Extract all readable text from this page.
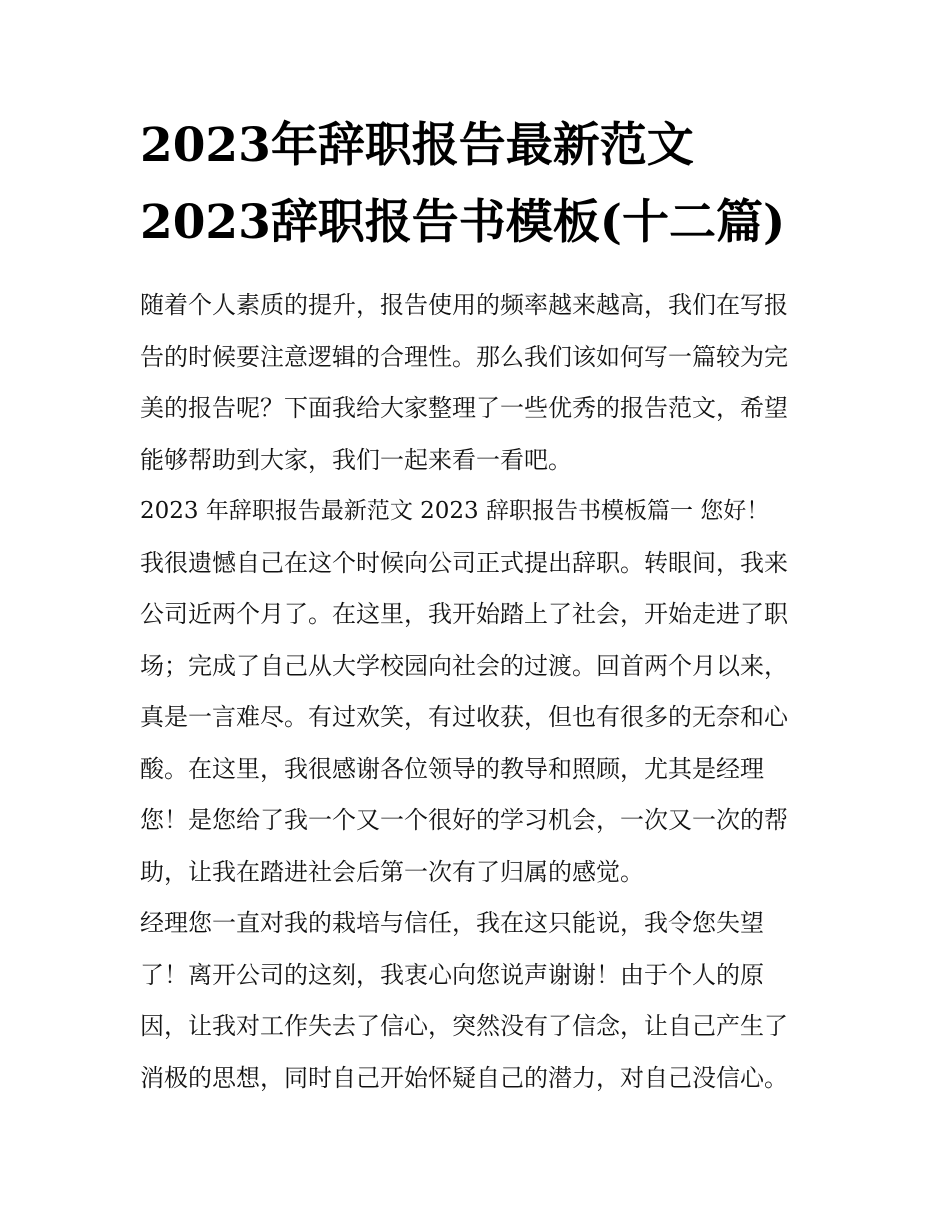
2023年辞职报告最新范文
2023辞职报告书模板(十二篇)
随着个人素质的提升，报告使用的频率越来越高，我们在写报
告的时候要注意逻辑的合理性。那么我们该如何写一篇较为完
美的报告呢？下面我给大家整理了一些优秀的报告范文，希望
能够帮助到大家，我们一起来看一看吧。
2023 年辞职报告最新范文 2023 辞职报告书模板篇一 您好！
我很遗憾自己在这个时候向公司正式提出辞职。转眼间，我来
公司近两个月了。在这里，我开始踏上了社会，开始走进了职
场；完成了自己从大学校园向社会的过渡。回首两个月以来，
真是一言难尽。有过欢笑，有过收获，但也有很多的无奈和心
酸。在这里，我很感谢各位领导的教导和照顾，尤其是经理
您！是您给了我一个又一个很好的学习机会，一次又一次的帮
助，让我在踏进社会后第一次有了归属的感觉。
经理您一直对我的栽培与信任，我在这只能说，我令您失望
了！离开公司的这刻，我衷心向您说声谢谢！由于个人的原
因，让我对工作失去了信心，突然没有了信念，让自己产生了
消极的思想，同时自己开始怀疑自己的潜力，对自己没信心。
